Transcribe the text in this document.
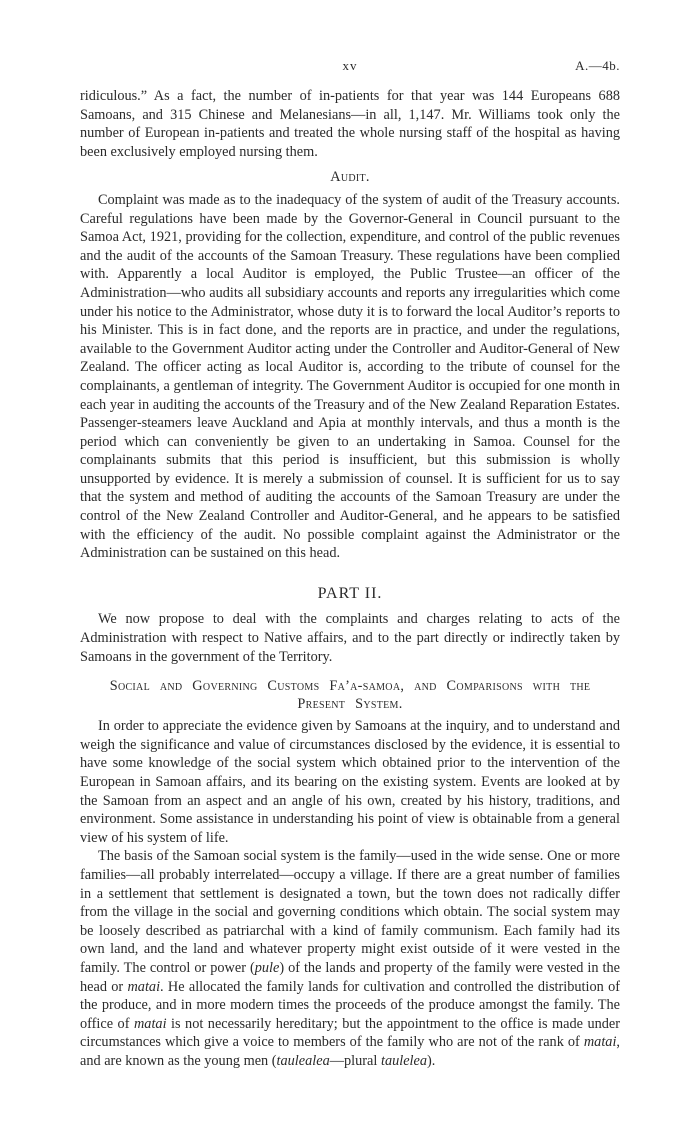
xv	A.—4b.

ridiculous.” As a fact, the number of in-patients for that year was 144 Europeans 688 Samoans, and 315 Chinese and Melanesians—in all, 1,147. Mr. Williams took only the number of European in-patients and treated the whole nursing staff of the hospital as having been exclusively employed nursing them.

Audit.

Complaint was made as to the inadequacy of the system of audit of the Treasury accounts. Careful regulations have been made by the Governor-General in Council pursuant to the Samoa Act, 1921, providing for the collection, expenditure, and control of the public revenues and the audit of the accounts of the Samoan Treasury. These regulations have been complied with. Apparently a local Auditor is employed, the Public Trustee—an officer of the Administration—who audits all subsidiary accounts and reports any irregularities which come under his notice to the Administrator, whose duty it is to forward the local Auditor’s reports to his Minister. This is in fact done, and the reports are in practice, and under the regulations, available to the Government Auditor acting under the Controller and Auditor-General of New Zealand. The officer acting as local Auditor is, according to the tribute of counsel for the complainants, a gentleman of integrity. The Government Auditor is occupied for one month in each year in auditing the accounts of the Treasury and of the New Zealand Reparation Estates. Passenger-steamers leave Auckland and Apia at monthly intervals, and thus a month is the period which can conveniently be given to an undertaking in Samoa. Counsel for the complainants submits that this period is insufficient, but this submission is wholly unsupported by evidence. It is merely a submission of counsel. It is sufficient for us to say that the system and method of auditing the accounts of the Samoan Treasury are under the control of the New Zealand Controller and Auditor-General, and he appears to be satisfied with the efficiency of the audit. No possible complaint against the Administrator or the Administration can be sustained on this head.

PART II.

We now propose to deal with the complaints and charges relating to acts of the Administration with respect to Native affairs, and to the part directly or indirectly taken by Samoans in the government of the Territory.

Social and Governing Customs Fa’a-samoa, and Comparisons with the
Present System.

In order to appreciate the evidence given by Samoans at the inquiry, and to understand and weigh the significance and value of circumstances disclosed by the evidence, it is essential to have some knowledge of the social system which obtained prior to the intervention of the European in Samoan affairs, and its bearing on the existing system. Events are looked at by the Samoan from an aspect and an angle of his own, created by his history, traditions, and environment. Some assistance in understanding his point of view is obtainable from a general view of his system of life.

The basis of the Samoan social system is the family—used in the wide sense. One or more families—all probably interrelated—occupy a village. If there are a great number of families in a settlement that settlement is designated a town, but the town does not radically differ from the village in the social and governing conditions which obtain. The social system may be loosely described as patriarchal with a kind of family communism. Each family had its own land, and the land and whatever property might exist outside of it were vested in the family. The control or power (pule) of the lands and property of the family were vested in the head or matai. He allocated the family lands for cultivation and controlled the distribution of the produce, and in more modern times the proceeds of the produce amongst the family. The office of matai is not necessarily hereditary; but the appointment to the office is made under circumstances which give a voice to members of the family who are not of the rank of matai, and are known as the young men (taulealea—plural taulelea).
